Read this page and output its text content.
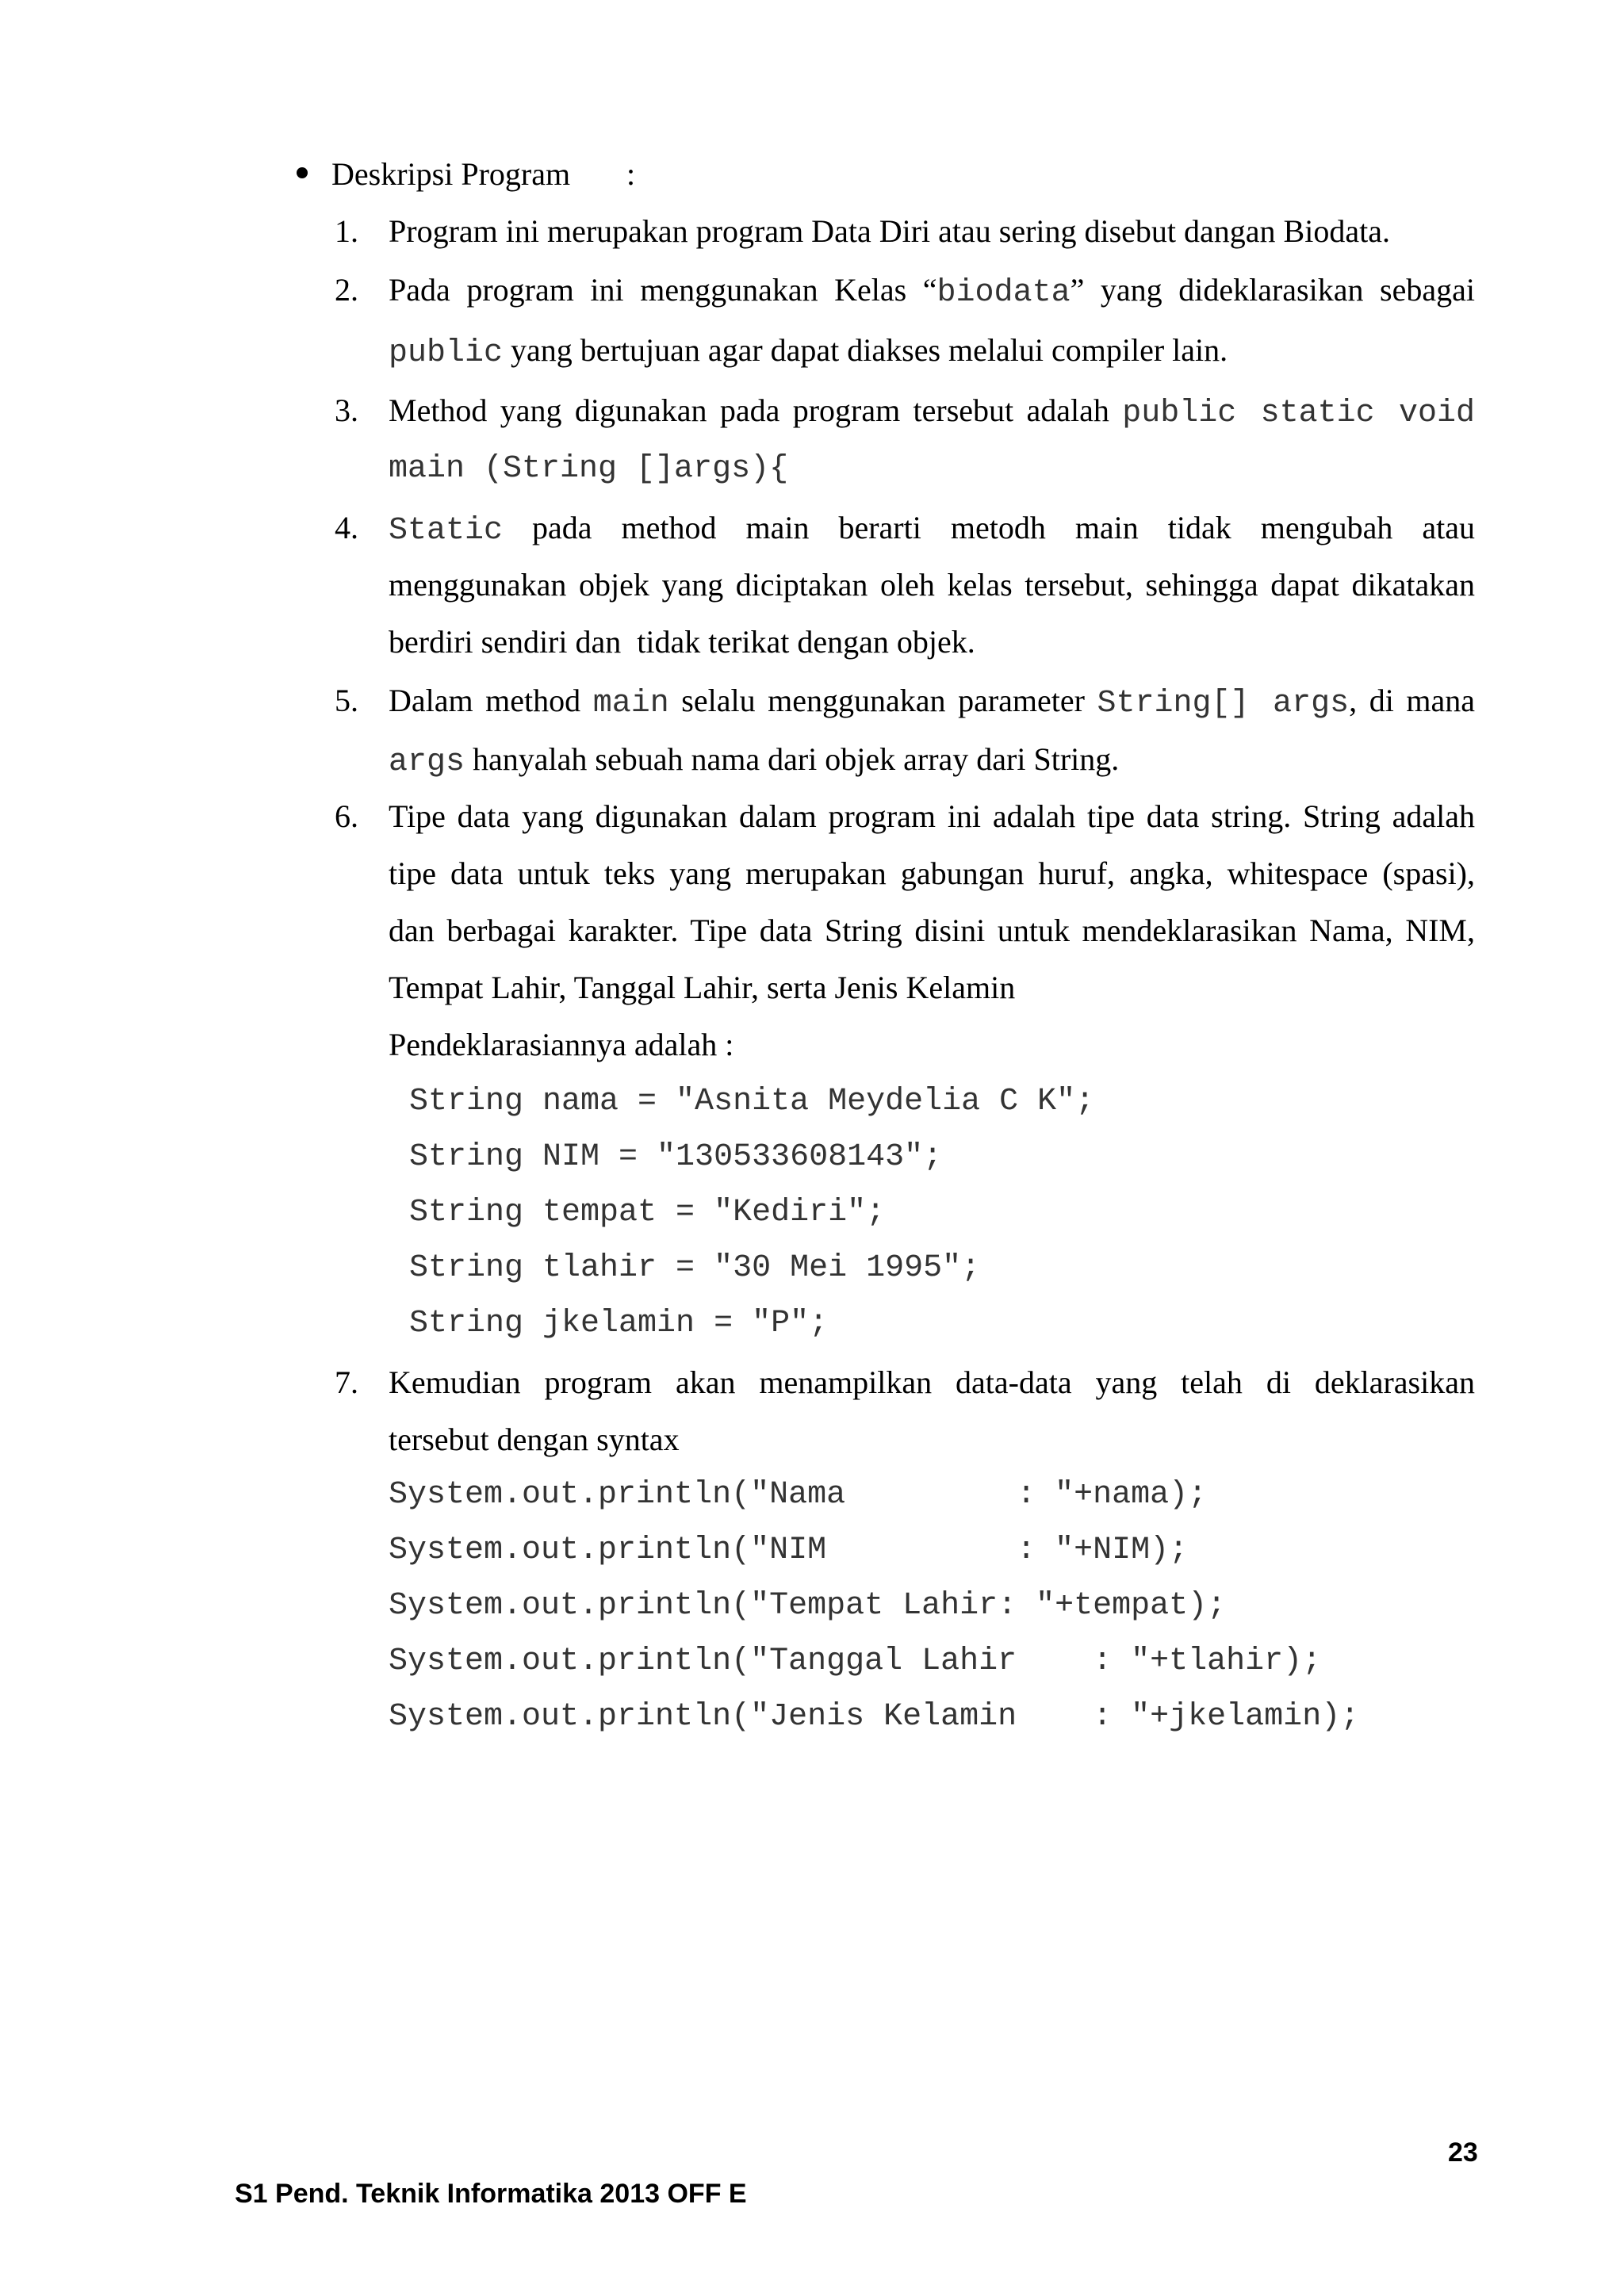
Deskripsi Program :
1. Program ini merupakan program Data Diri atau sering disebut dangan Biodata.
2. Pada program ini menggunakan Kelas “biodata” yang dideklarasikan sebagai
public yang bertujuan agar dapat diakses melalui compiler lain.
3. Method yang digunakan pada program tersebut adalah public static void
main (String []args){
4. Static pada method main berarti metodh main tidak mengubah atau
menggunakan objek yang diciptakan oleh kelas tersebut, sehingga dapat dikatakan
berdiri sendiri dan  tidak terikat dengan objek.
5. Dalam method main selalu menggunakan parameter String[] args, di mana
args hanyalah sebuah nama dari objek array dari String.
6. Tipe data yang digunakan dalam program ini adalah tipe data string. String adalah
tipe data untuk teks yang merupakan gabungan huruf, angka, whitespace (spasi),
dan berbagai karakter. Tipe data String disini untuk mendeklarasikan Nama, NIM,
Tempat Lahir, Tanggal Lahir, serta Jenis Kelamin
Pendeklarasiannya adalah :
String nama = "Asnita Meydelia C K";
String NIM = "130533608143";
String tempat = "Kediri";
String tlahir = "30 Mei 1995";
String jkelamin = "P";
7. Kemudian program akan menampilkan data-data yang telah di deklarasikan
tersebut dengan syntax
System.out.println("Nama         : "+nama);
System.out.println("NIM          : "+NIM);
System.out.println("Tempat Lahir: "+tempat);
System.out.println("Tanggal Lahir    : "+tlahir);
System.out.println("Jenis Kelamin    : "+jkelamin);
23
S1 Pend. Teknik Informatika 2013 OFF E
